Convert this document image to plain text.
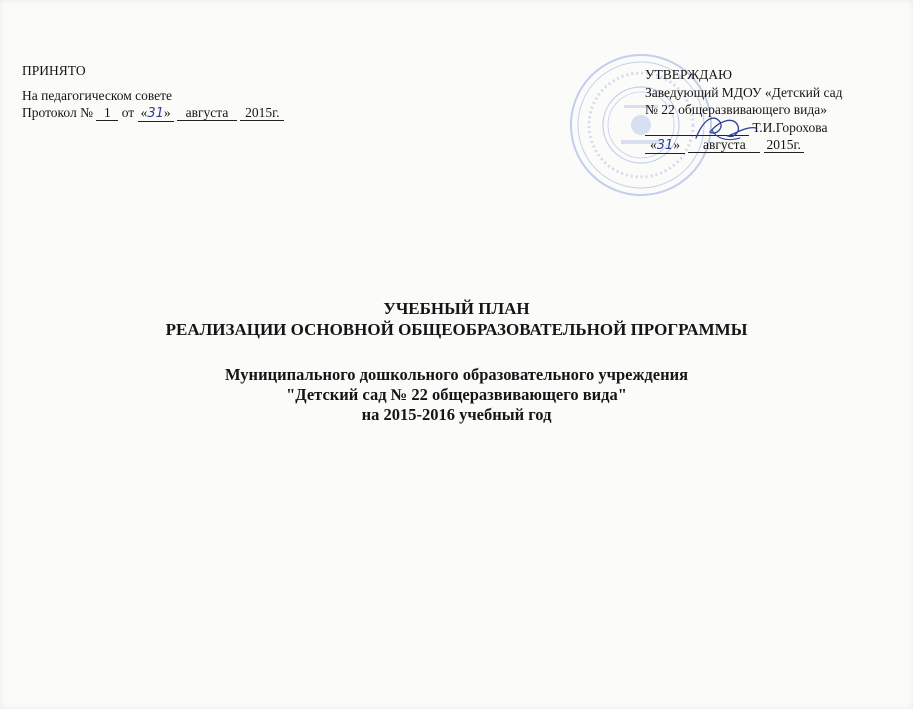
ПРИНЯТО
На педагогическом совете
Протокол № 1 от «31» августа 2015г.
УТВЕРЖДАЮ
Заведующий МДОУ «Детский сад
№ 22 общеразвивающего вида»
Т.И.Горохова
«31» августа 2015г.
УЧЕБНЫЙ ПЛАН
РЕАЛИЗАЦИИ ОСНОВНОЙ ОБЩЕОБРАЗОВАТЕЛЬНОЙ ПРОГРАММЫ
Муниципального дошкольного образовательного учреждения
"Детский сад № 22 общеразвивающего вида"
на 2015-2016 учебный год
